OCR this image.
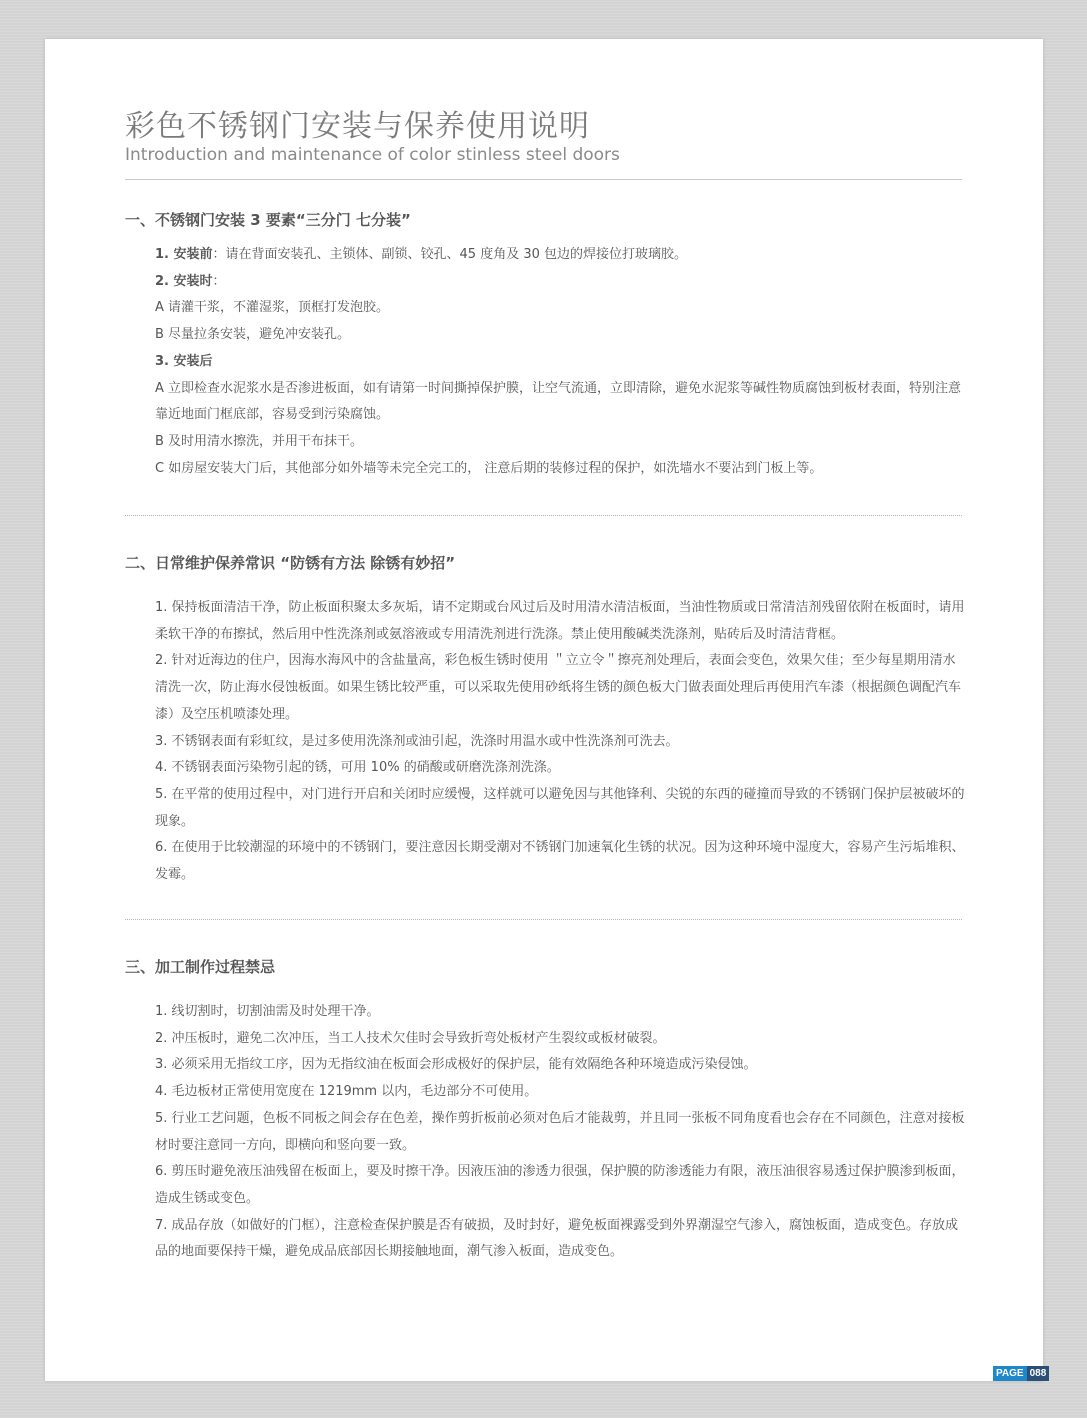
彩色不锈钢门安装与保养使用说明
Introduction and maintenance of color stinless steel doors
一、不锈钢门安装 3 要素“三分门 七分装”

1. 安装前：请在背面安装孔、主锁体、副锁、铰孔、45 度角及 30 包边的焊接位打玻璃胶。

2. 安装时：

A 请灌干浆，不灌湿浆，顶框打发泡胶。

B 尽量拉条安装，避免冲安装孔。

3. 安装后

A 立即检查水泥浆水是否渗进板面，如有请第一时间撕掉保护膜，让空气流通，立即清除，避免水泥浆等碱性物质腐蚀到板材表面，特别注意靠近地面门框底部，容易受到污染腐蚀。

B 及时用清水擦洗，并用干布抹干。

C 如房屋安装大门后，其他部分如外墙等未完全完工的， 注意后期的装修过程的保护，如洗墙水不要沾到门板上等。

二、日常维护保养常识 “防锈有方法 除锈有妙招”

1. 保持板面清洁干净，防止板面积聚太多灰垢，请不定期或台风过后及时用清水清洁板面，当油性物质或日常清洁剂残留依附在板面时，请用柔软干净的布擦拭，然后用中性洗涤剂或氨溶液或专用清洗剂进行洗涤。禁止使用酸碱类洗涤剂，贴砖后及时清洁背框。

2. 针对近海边的住户，因海水海风中的含盐量高，彩色板生锈时使用 ＂立立令＂擦亮剂处理后，表面会变色，效果欠佳；至少每星期用清水清洗一次，防止海水侵蚀板面。如果生锈比较严重，可以采取先使用砂纸将生锈的颜色板大门做表面处理后再使用汽车漆（根据颜色调配汽车漆）及空压机喷漆处理。

3. 不锈钢表面有彩虹纹，是过多使用洗涤剂或油引起，洗涤时用温水或中性洗涤剂可洗去。

4. 不锈钢表面污染物引起的锈，可用 10% 的硝酸或研磨洗涤剂洗涤。

5. 在平常的使用过程中，对门进行开启和关闭时应缓慢，这样就可以避免因与其他锋利、尖锐的东西的碰撞而导致的不锈钢门保护层被破坏的现象。

6. 在使用于比较潮湿的环境中的不锈钢门，要注意因长期受潮对不锈钢门加速氧化生锈的状况。因为这种环境中湿度大，容易产生污垢堆积、发霉。

三、加工制作过程禁忌

1. 线切割时，切割油需及时处理干净。

2. 冲压板时，避免二次冲压，当工人技术欠佳时会导致折弯处板材产生裂纹或板材破裂。

3. 必须采用无指纹工序，因为无指纹油在板面会形成极好的保护层，能有效隔绝各种环境造成污染侵蚀。

4. 毛边板材正常使用宽度在 1219mm 以内，毛边部分不可使用。

5. 行业工艺问题，色板不同板之间会存在色差，操作剪折板前必须对色后才能裁剪，并且同一张板不同角度看也会存在不同颜色，注意对接板材时要注意同一方向，即横向和竖向要一致。

6. 剪压时避免液压油残留在板面上，要及时擦干净。因液压油的渗透力很强，保护膜的防渗透能力有限，液压油很容易透过保护膜渗到板面，造成生锈或变色。

7. 成品存放（如做好的门框），注意检查保护膜是否有破损，及时封好，避免板面裸露受到外界潮湿空气渗入，腐蚀板面，造成变色。存放成品的地面要保持干燥，避免成品底部因长期接触地面，潮气渗入板面，造成变色。

PAGE 088
